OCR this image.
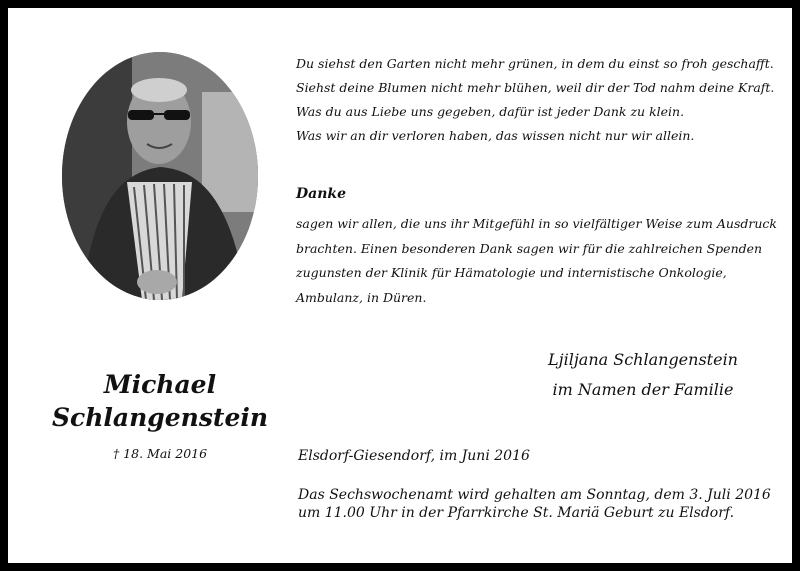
Du siehst den Garten nicht mehr grünen, in dem du einst so froh geschafft.
Siehst deine Blumen nicht mehr blühen, weil dir der Tod nahm deine Kraft.
Was du aus Liebe uns gegeben, dafür ist jeder Dank zu klein.
Was wir an dir verloren haben, das wissen nicht nur wir allein.
Danke
sagen wir allen, die uns ihr Mitgefühl in so vielfältiger Weise zum Ausdruck
brachten. Einen besonderen Dank sagen wir für die zahlreichen Spenden
zugunsten der Klinik für Hämatologie und internistische Onkologie,
Ambulanz, in Düren.
Michael
Schlangenstein
† 18. Mai 2016
Ljiljana Schlangenstein
im Namen der Familie
Elsdorf-Giesendorf, im Juni 2016
Das Sechswochenamt wird gehalten am Sonntag, dem 3. Juli 2016
um 11.00 Uhr in der Pfarrkirche St. Mariä Geburt zu Elsdorf.
